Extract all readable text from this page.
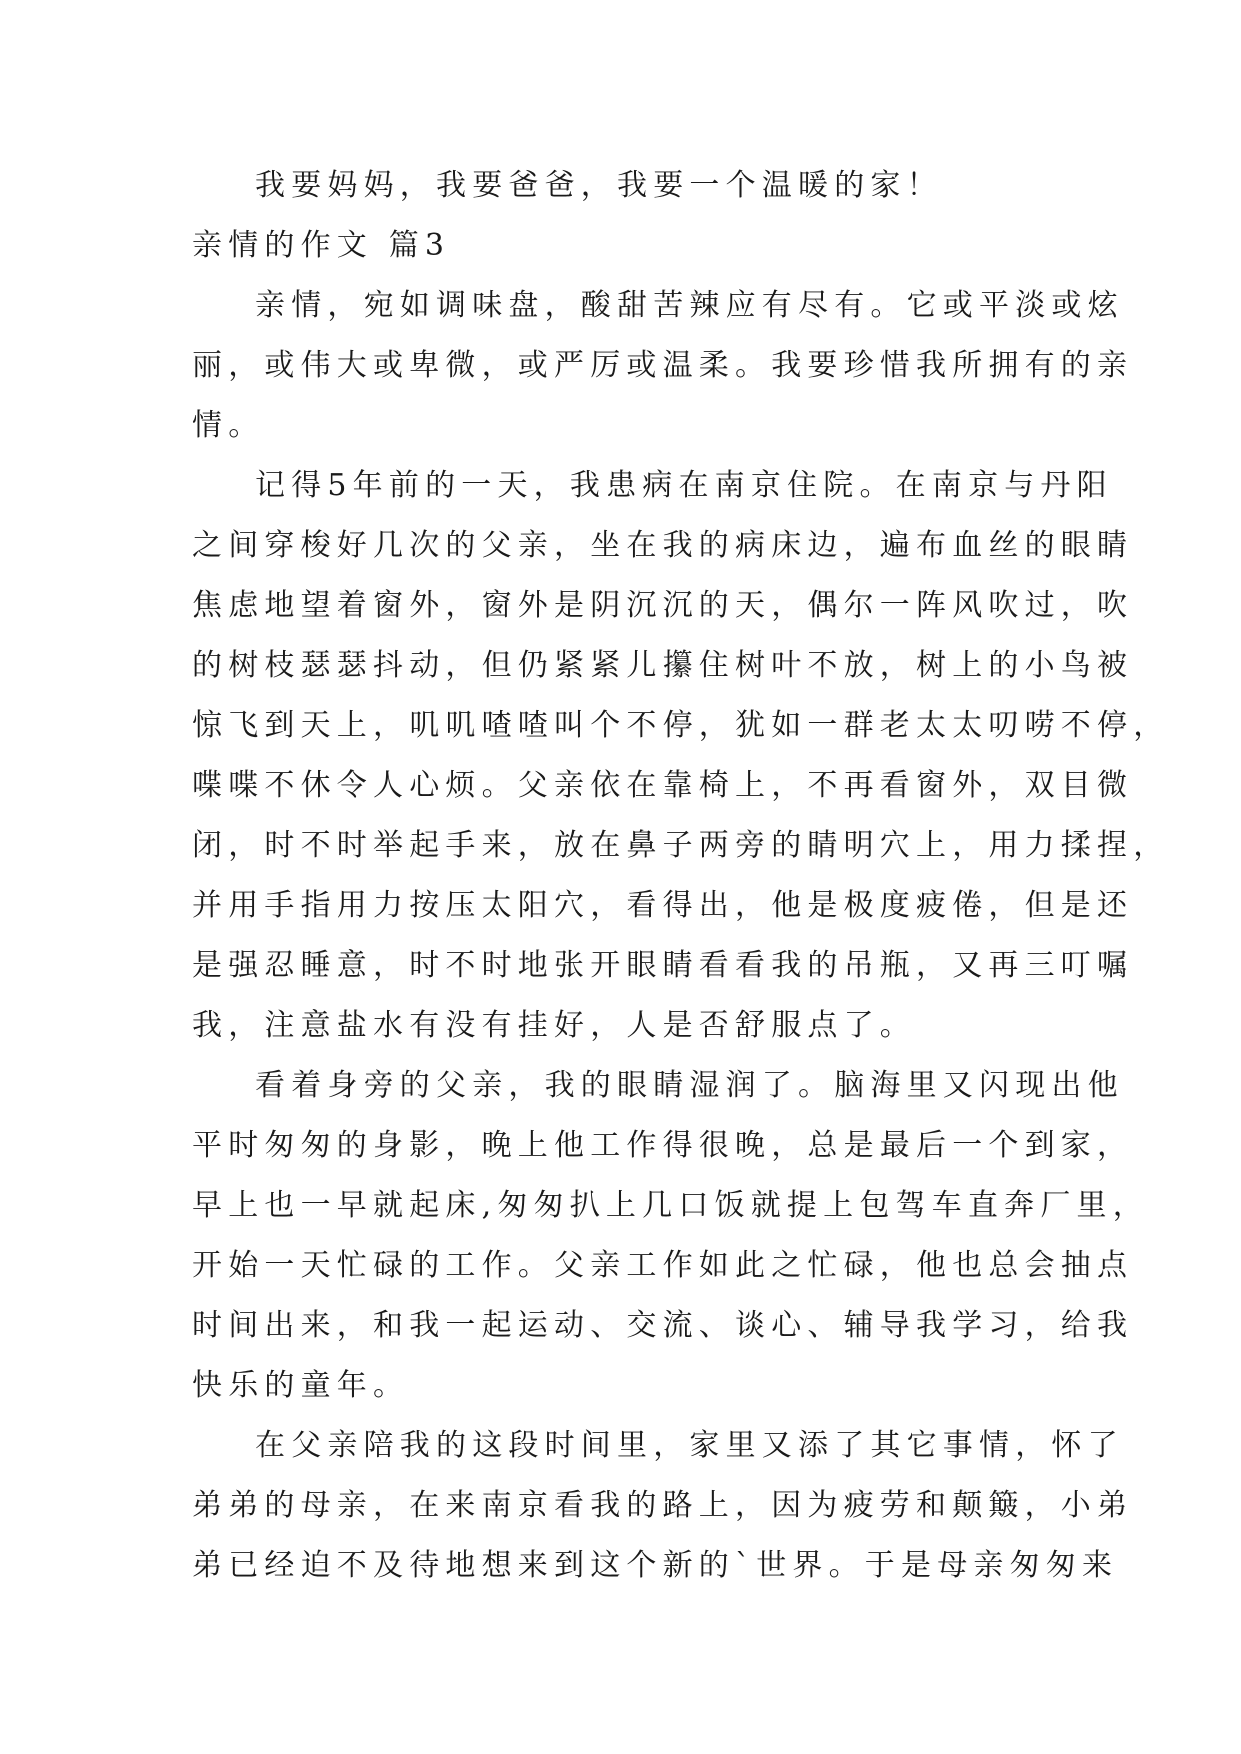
我要妈妈，我要爸爸，我要一个温暖的家！
亲情的作文 篇3
亲情，宛如调味盘，酸甜苦辣应有尽有。它或平淡或炫
丽，或伟大或卑微，或严厉或温柔。我要珍惜我所拥有的亲
情。
记得5年前的一天，我患病在南京住院。在南京与丹阳
之间穿梭好几次的父亲，坐在我的病床边，遍布血丝的眼睛
焦虑地望着窗外，窗外是阴沉沉的天，偶尔一阵风吹过，吹
的树枝瑟瑟抖动，但仍紧紧儿攥住树叶不放，树上的小鸟被
惊飞到天上，叽叽喳喳叫个不停，犹如一群老太太叨唠不停，
喋喋不休令人心烦。父亲依在靠椅上，不再看窗外，双目微
闭，时不时举起手来，放在鼻子两旁的睛明穴上，用力揉捏，
并用手指用力按压太阳穴，看得出，他是极度疲倦，但是还
是强忍睡意，时不时地张开眼睛看看我的吊瓶，又再三叮嘱
我，注意盐水有没有挂好，人是否舒服点了。
看着身旁的父亲，我的眼睛湿润了。脑海里又闪现出他
平时匆匆的身影，晚上他工作得很晚，总是最后一个到家，
早上也一早就起床,匆匆扒上几口饭就提上包驾车直奔厂里，
开始一天忙碌的工作。父亲工作如此之忙碌，他也总会抽点
时间出来，和我一起运动、交流、谈心、辅导我学习，给我
快乐的童年。
在父亲陪我的这段时间里，家里又添了其它事情，怀了
弟弟的母亲，在来南京看我的路上，因为疲劳和颠簸，小弟
弟已经迫不及待地想来到这个新的`世界。于是母亲匆匆来
